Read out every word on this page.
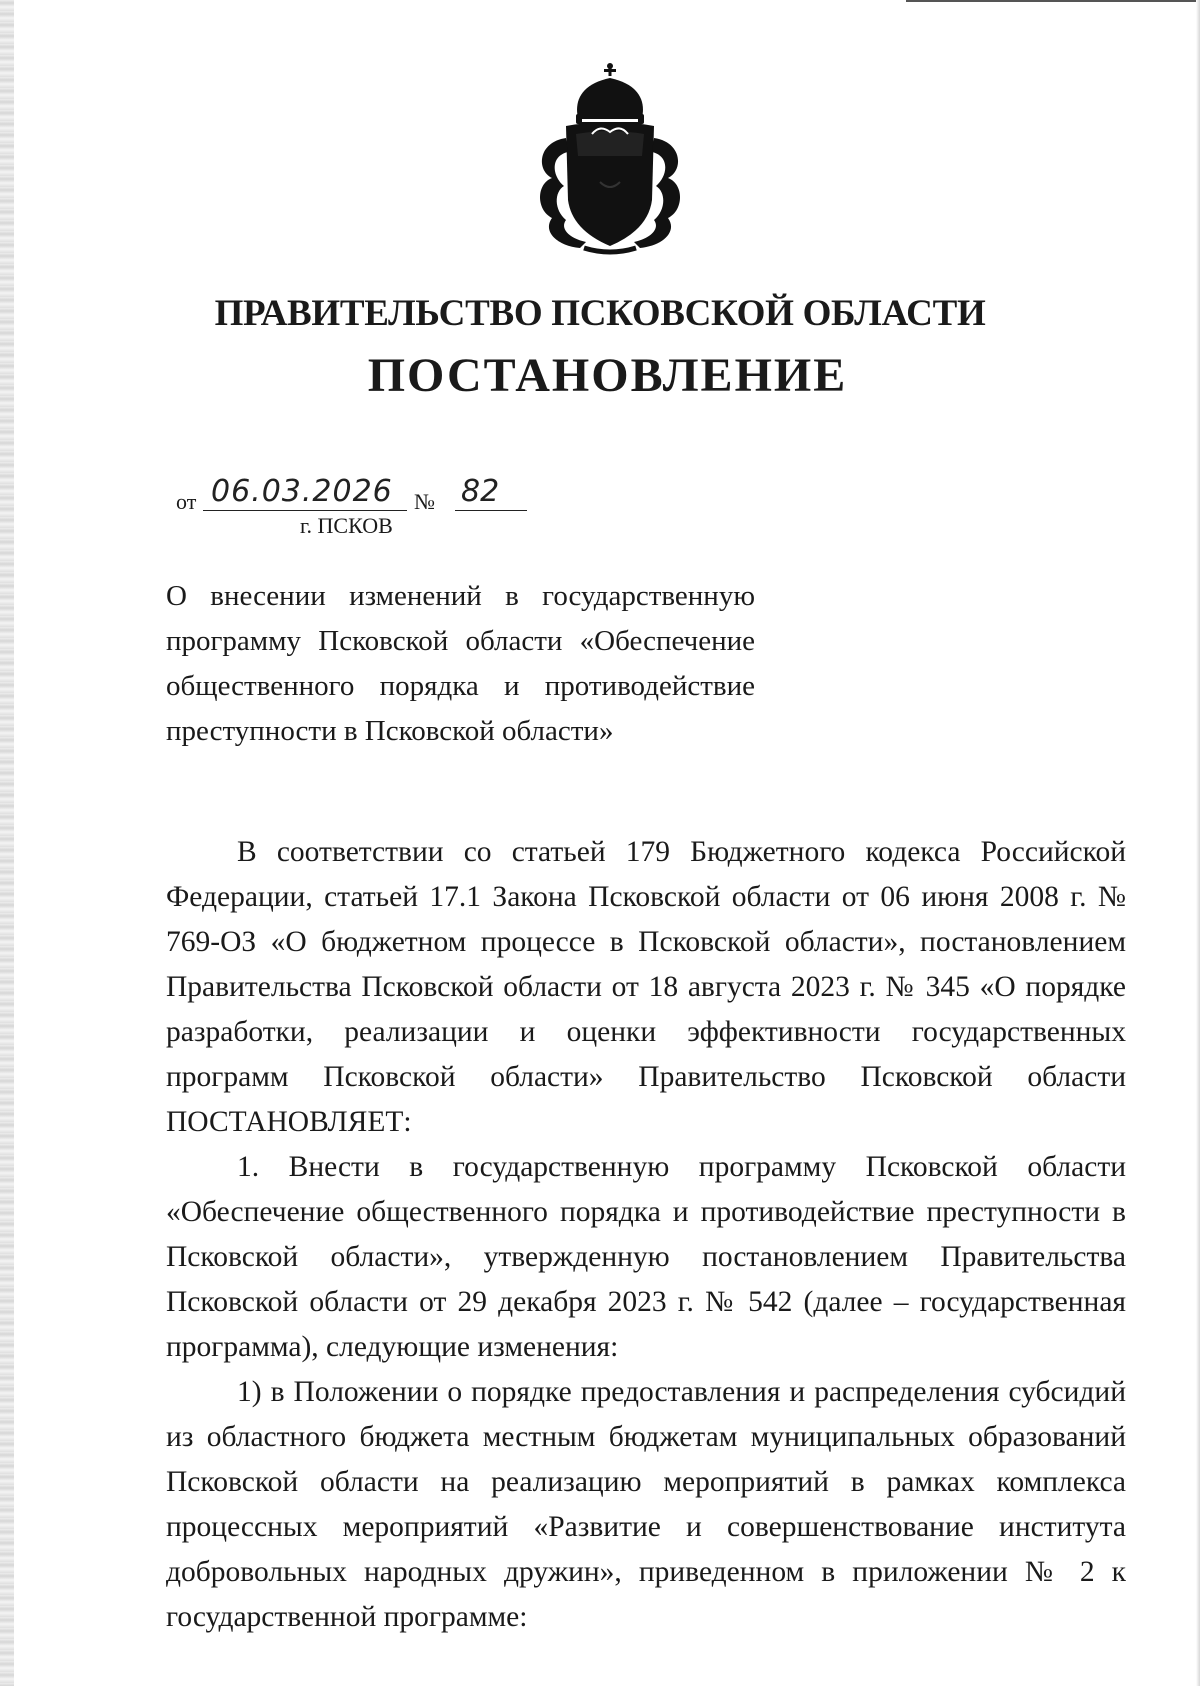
ПРАВИТЕЛЬСТВО ПСКОВСКОЙ ОБЛАСТИ
ПОСТАНОВЛЕНИЕ
от 06.03.2026 № 82
г. ПСКОВ

О внесении изменений в государственную программу Псковской области «Обеспечение общественного порядка и противодействие преступности в Псковской области»

В соответствии со статьей 179 Бюджетного кодекса Российской Федерации, статьей 17.1 Закона Псковской области от 06 июня 2008 г. № 769-ОЗ «О бюджетном процессе в Псковской области», постановлением Правительства Псковской области от 18 августа 2023 г. № 345 «О порядке разработки, реализации и оценки эффективности государственных программ Псковской области» Правительство Псковской области ПОСТАНОВЛЯЕТ:

1. Внести в государственную программу Псковской области «Обеспечение общественного порядка и противодействие преступности в Псковской области», утвержденную постановлением Правительства Псковской области от 29 декабря 2023 г. № 542 (далее – государственная программа), следующие изменения:

1) в Положении о порядке предоставления и распределения субсидий из областного бюджета местным бюджетам муниципальных образований Псковской области на реализацию мероприятий в рамках комплекса процессных мероприятий «Развитие и совершенствование института добровольных народных дружин», приведенном в приложении № 2 к государственной программе:
